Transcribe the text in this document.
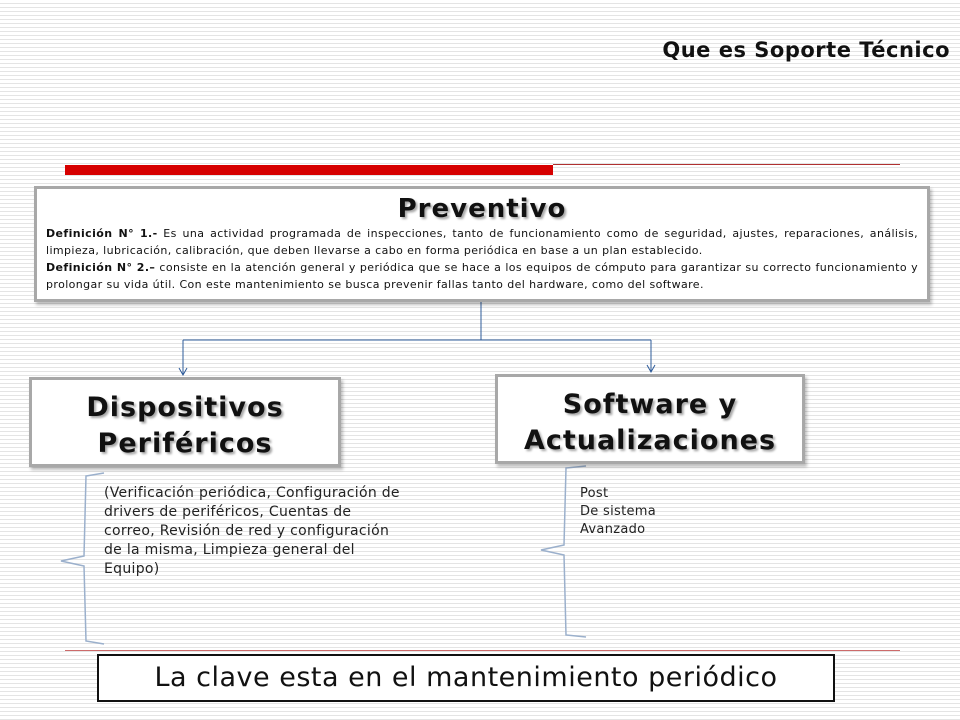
Que es Soporte Técnico
Preventivo
Definición N° 1.- Es una actividad programada de inspecciones, tanto de funcionamiento como de seguridad, ajustes, reparaciones, análisis, limpieza, lubricación, calibración, que deben llevarse a cabo en forma periódica en base a un plan establecido.
Definición N° 2.– consiste en la atención general y periódica que se hace a los equipos de cómputo para garantizar su correcto funcionamiento y prolongar su vida útil. Con este mantenimiento se busca prevenir fallas tanto del hardware, como del software.
Dispositivos
Periféricos
Software y
Actualizaciones
(Verificación periódica, Configuración de drivers de periféricos, Cuentas de correo, Revisión de red y configuración de la misma, Limpieza general del Equipo)
Post
De sistema
Avanzado
La clave esta en el mantenimiento periódico
